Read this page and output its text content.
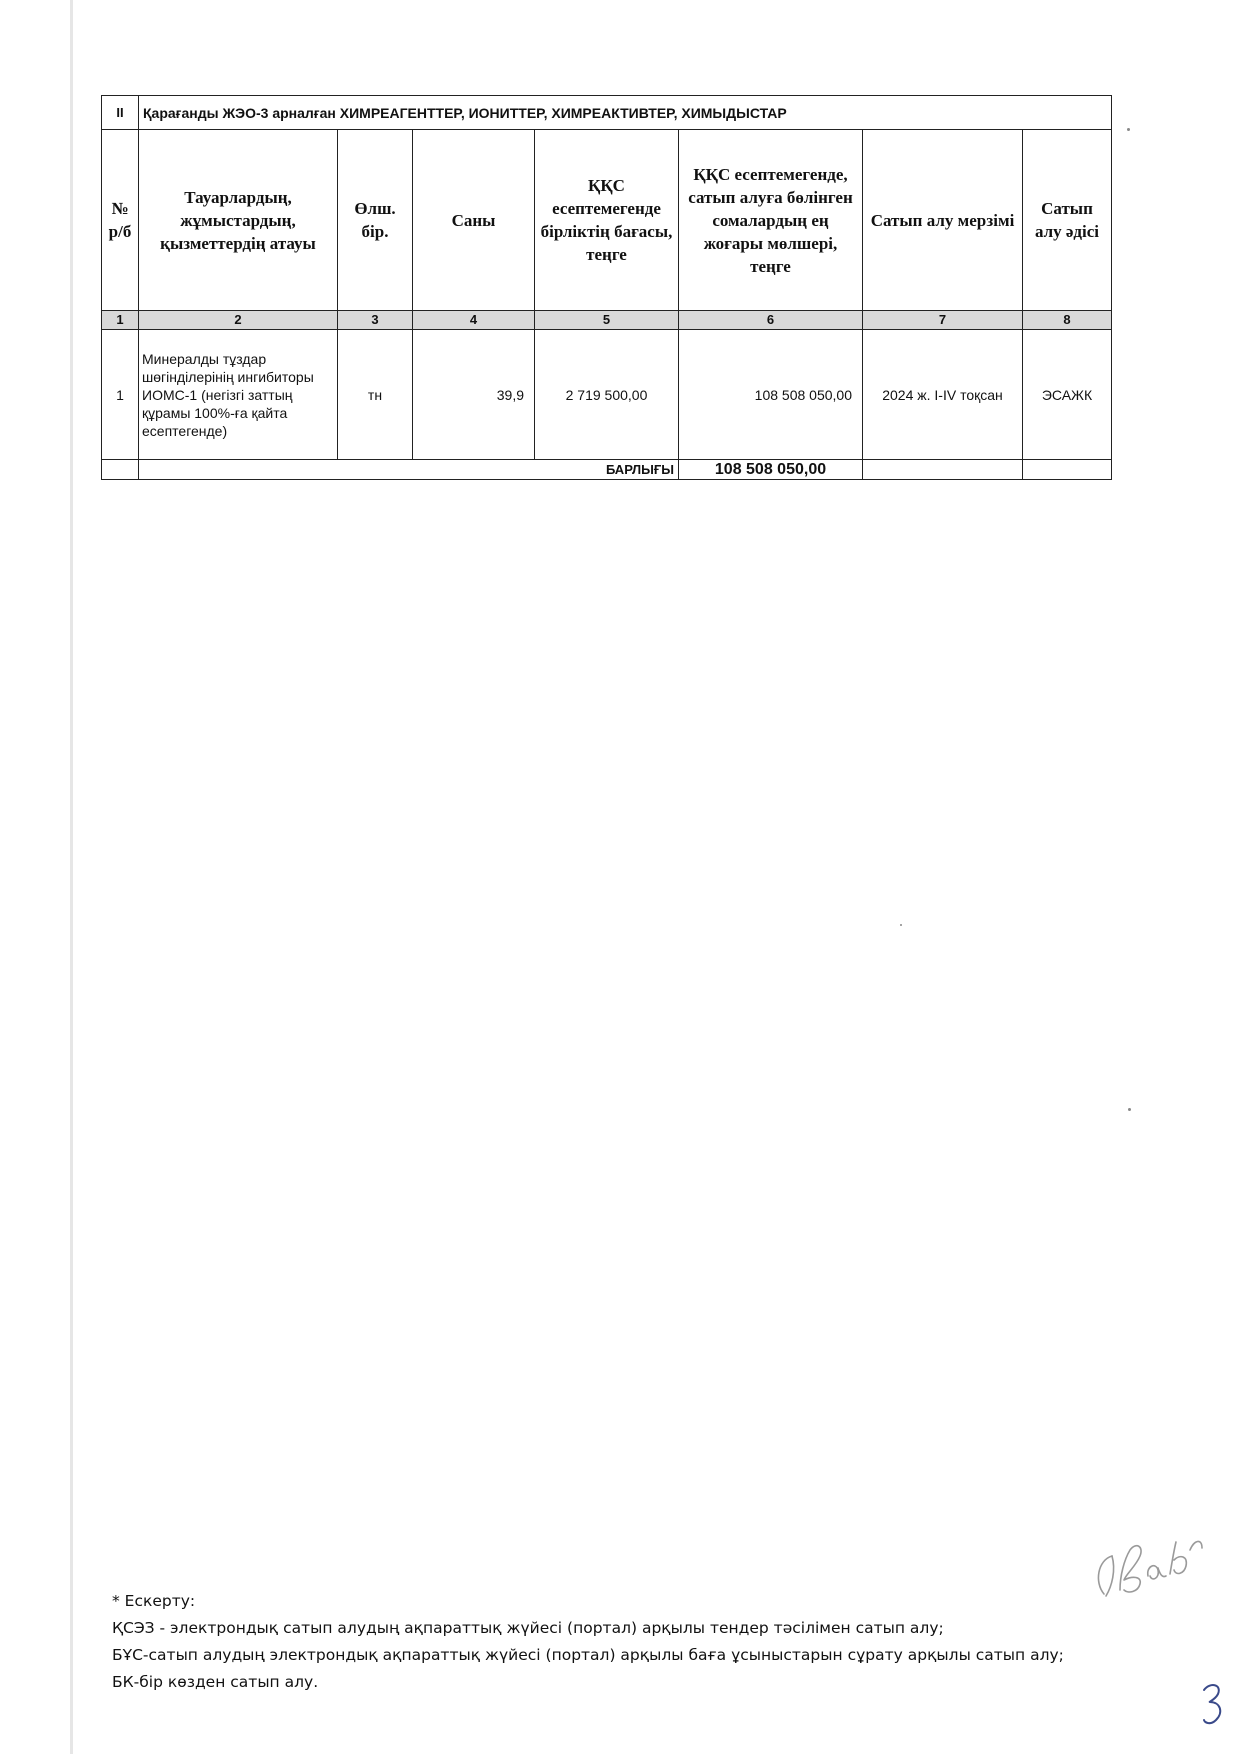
II	Қарағанды ЖЭО-3 арналған ХИМРЕАГЕНТТЕР, ИОНИТТЕР, ХИМРЕАКТИВТЕР, ХИМЫДЫСТАР						

№ р/б	Тауарлардың, жұмыстардың, қызметтердің атауы	Өлш. бір.	Саны	ҚҚС есептемегенде бірліктің бағасы, теңге	ҚҚС есептемегенде, сатып алуға бөлінген сомалардың ең жоғары мөлшері, теңге	Сатып алу мерзімі	Сатып алу әдісі

1	2	3	4	5	6	7	8
1	Минералды тұздар шөгінділерінің ингибиторы ИОМС-1 (негізгі заттың құрамы 100%-ға қайта есептегенде)	тн	39,9	2 719 500,00	108 508 050,00	2024 ж. I-IV тоқсан	ЭСАЖК
	БАРЛЫҒЫ				108 508 050,00		
* Ескерту:
ҚСЭЗ - электрондық сатып алудың ақпараттық жүйесі (портал) арқылы тендер тәсілімен сатып алу;
БҰС-сатып алудың электрондық ақпараттық жүйесі (портал) арқылы баға ұсыныстарын сұрату арқылы сатып алу;
БК-бір көзден сатып алу.
